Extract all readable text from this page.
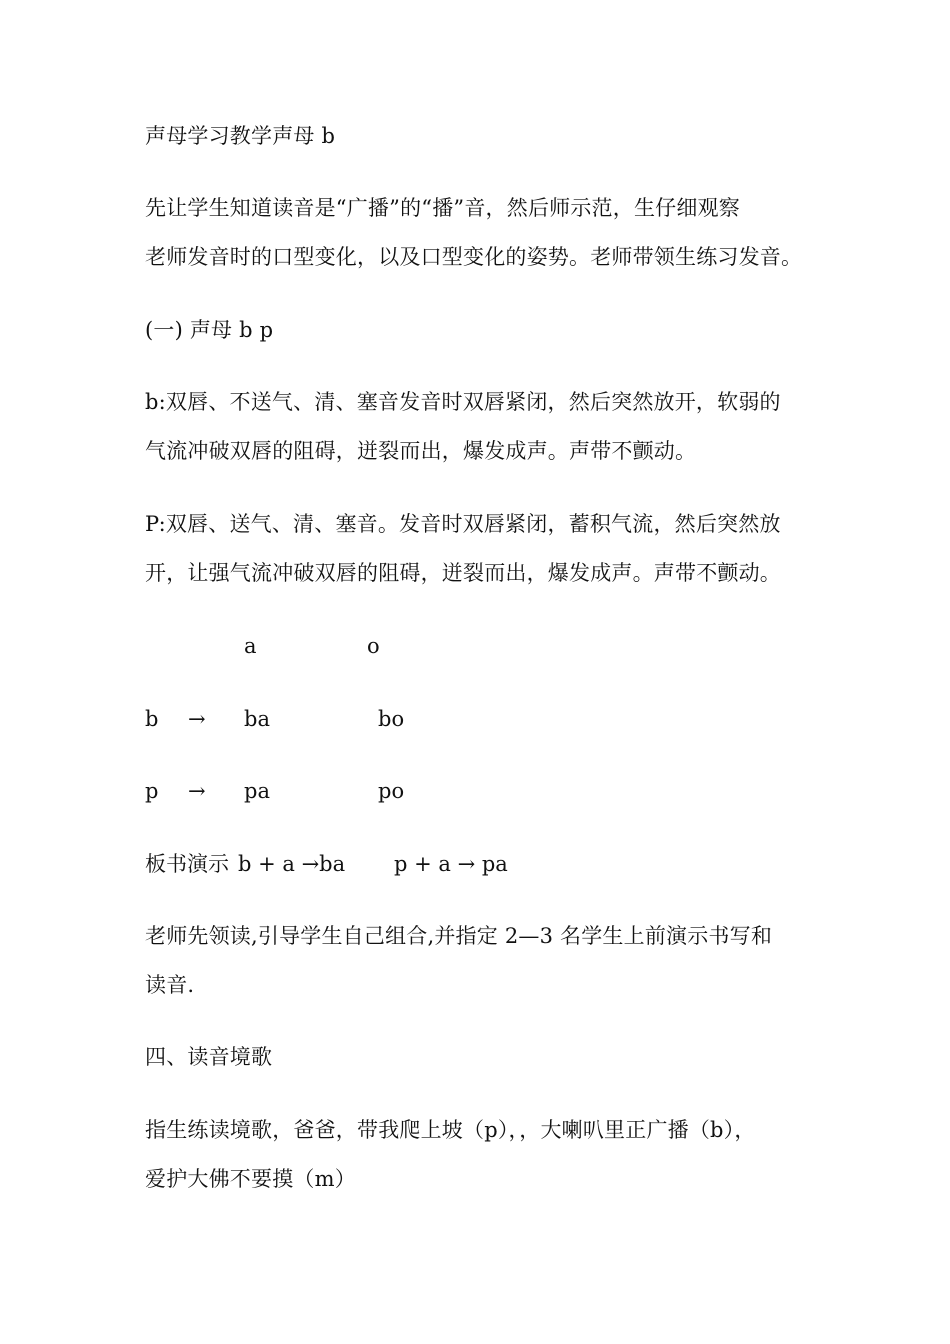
声母学习教学声母 b
先让学生知道读音是“广播”的“播”音，然后师示范，生仔细观察
老师发音时的口型变化，以及口型变化的姿势。老师带领生练习发音。
(一) 声母 b p
b:双唇、不送气、清、塞音发音时双唇紧闭，然后突然放开，软弱的
气流冲破双唇的阻碍，迸裂而出，爆发成声。声带不颤动。
P:双唇、送气、清、塞音。发音时双唇紧闭，蓄积气流，然后突然放
开，让强气流冲破双唇的阻碍，迸裂而出，爆发成声。声带不颤动。
a	o
b → ba	bo
p → pa	po
板书演示 b + a →ba p + a → pa
老师先领读,引导学生自己组合,并指定 2—3 名学生上前演示书写和
读音.
四、读音境歌
指生练读境歌，爸爸，带我爬上坡（p），，大喇叭里正广播（b），
爱护大佛不要摸（m）
